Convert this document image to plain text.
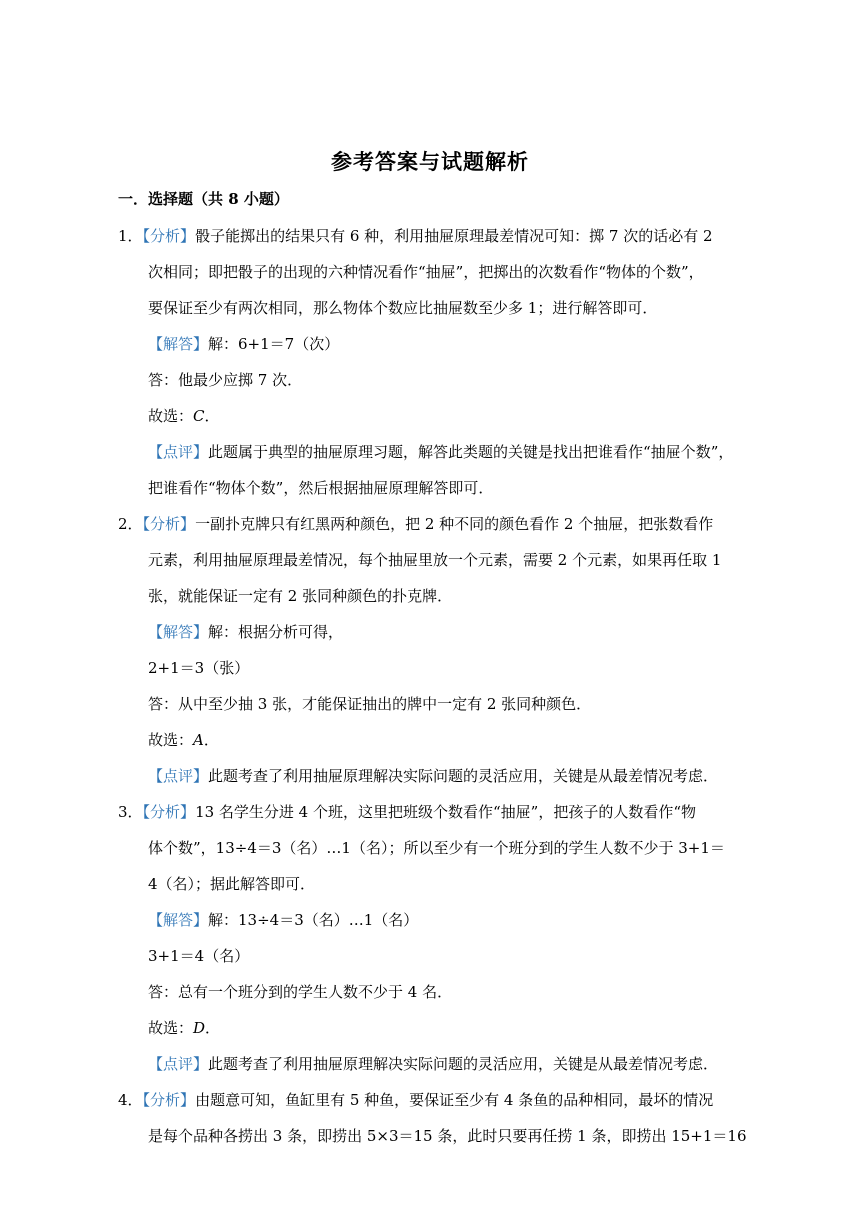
参考答案与试题解析
一．选择题（共 8 小题）
1．【分析】骰子能掷出的结果只有 6 种，利用抽屉原理最差情况可知：掷 7 次的话必有 2
次相同；即把骰子的出现的六种情况看作“抽屉”，把掷出的次数看作“物体的个数”，
要保证至少有两次相同，那么物体个数应比抽屉数至少多 1；进行解答即可．
【解答】解：6+1＝7（次）
答：他最少应掷 7 次．
故选：C．
【点评】此题属于典型的抽屉原理习题，解答此类题的关键是找出把谁看作“抽屉个数”，
把谁看作“物体个数”，然后根据抽屉原理解答即可．
2．【分析】一副扑克牌只有红黑两种颜色，把 2 种不同的颜色看作 2 个抽屉，把张数看作
元素，利用抽屉原理最差情况，每个抽屉里放一个元素，需要 2 个元素，如果再任取 1
张，就能保证一定有 2 张同种颜色的扑克牌．
【解答】解：根据分析可得，
2+1＝3（张）
答：从中至少抽 3 张，才能保证抽出的牌中一定有 2 张同种颜色．
故选：A．
【点评】此题考查了利用抽屉原理解决实际问题的灵活应用，关键是从最差情况考虑．
3．【分析】13 名学生分进 4 个班，这里把班级个数看作“抽屉”，把孩子的人数看作“物
体个数”，13÷4＝3（名）…1（名）；所以至少有一个班分到的学生人数不少于 3+1＝
4（名）；据此解答即可．
【解答】解：13÷4＝3（名）…1（名）
3+1＝4（名）
答：总有一个班分到的学生人数不少于 4 名．
故选：D．
【点评】此题考查了利用抽屉原理解决实际问题的灵活应用，关键是从最差情况考虑．
4．【分析】由题意可知，鱼缸里有 5 种鱼，要保证至少有 4 条鱼的品种相同，最坏的情况
是每个品种各捞出 3 条，即捞出 5×3＝15 条，此时只要再任捞 1 条，即捞出 15+1＝16
